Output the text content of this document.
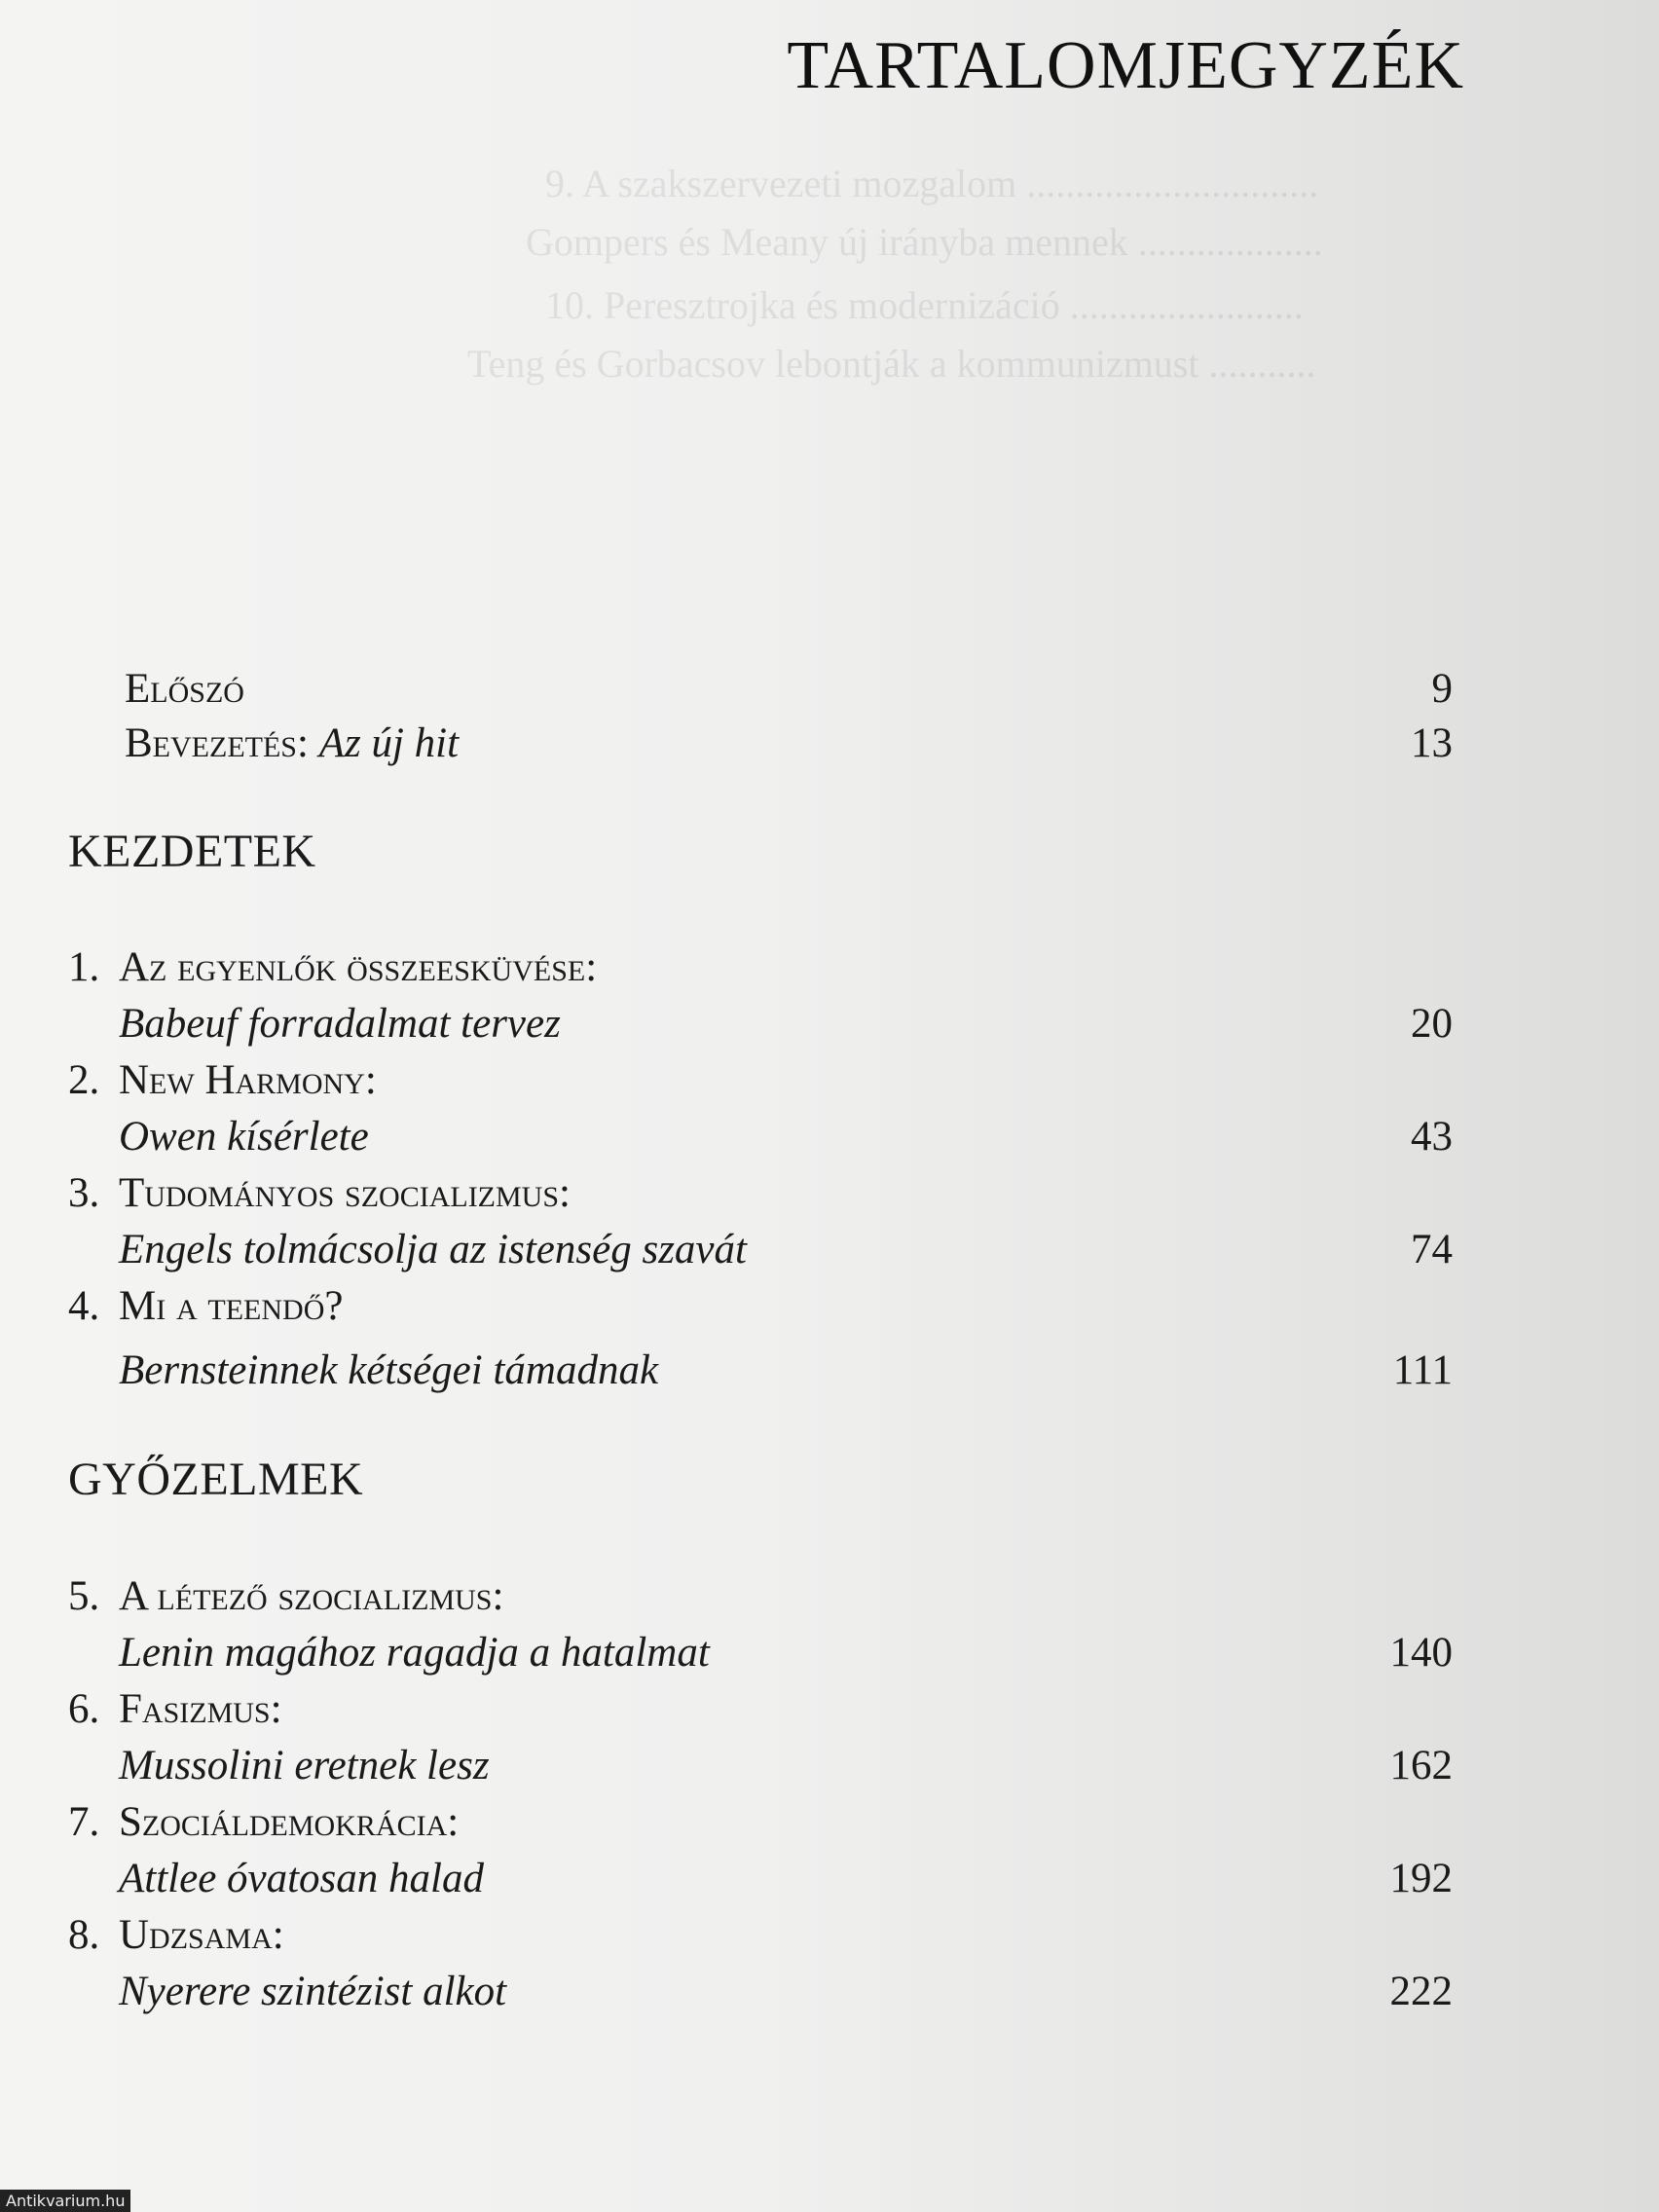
9. A szakszervezeti mozgalom ..............................
Gompers és Meany új irányba mennek ...................
10. Peresztrojka és modernizáció ........................
Teng és Gorbacsov lebontják a kommunizmust ...........
TARTALOMJEGYZÉK
Előszó	9
Bevezetés: Az új hit	13
KEZDETEK
1. Az egyenlők összeesküvése:
Babeuf forradalmat tervez	20
2. New Harmony:
Owen kísérlete	43
3. Tudományos szocializmus:
Engels tolmácsolja az istenség szavát	74
4. Mi a teendő?
Bernsteinnek kétségei támadnak	111
GYŐZELMEK
5. A létező szocializmus:
Lenin magához ragadja a hatalmat	140
6. Fasizmus:
Mussolini eretnek lesz	162
7. Szociáldemokrácia:
Attlee óvatosan halad	192
8. Udzsama:
Nyerere szintézist alkot	222
Antikvarium.hu
